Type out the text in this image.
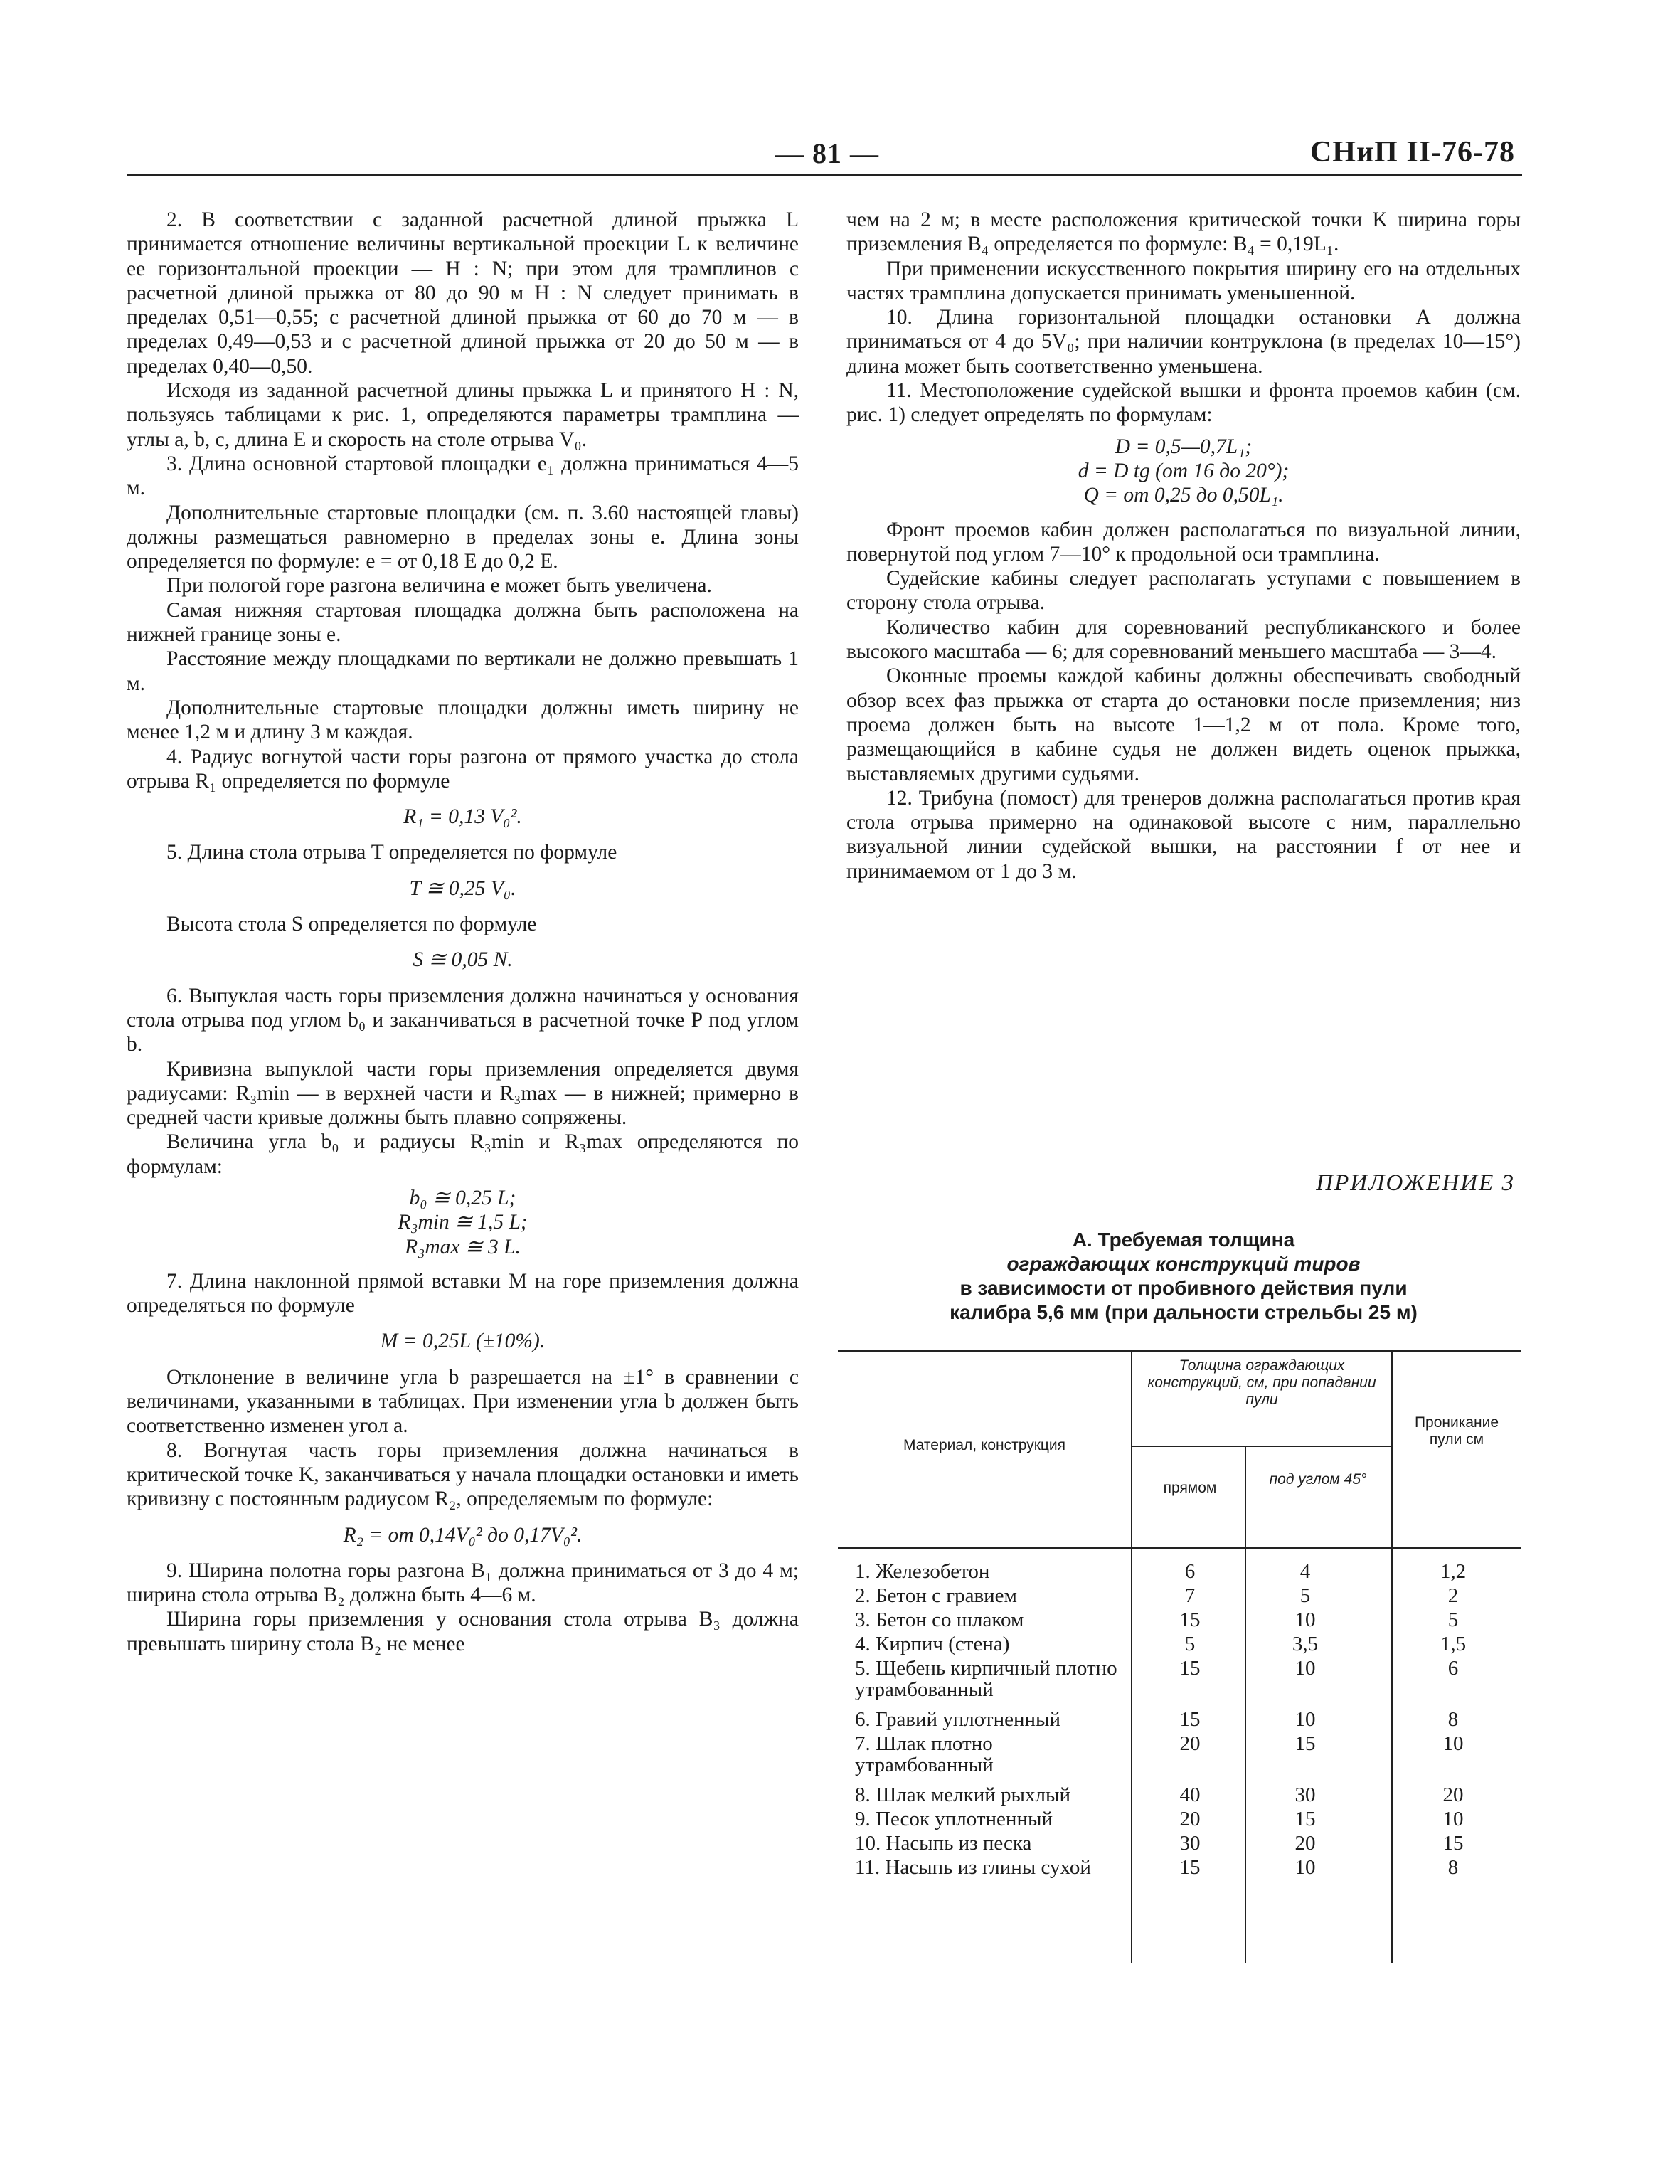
— 81 —	СНиП II-76-78

2. В соответствии с заданной расчетной длиной прыжка L принимается отношение величины вертикальной проекции L к величине ее горизонтальной проекции — H : N; при этом для трамплинов с расчетной длиной прыжка от 80 до 90 м H : N следует принимать в пределах 0,51—0,55; с расчетной длиной прыжка от 60 до 70 м — в пределах 0,49—0,53 и с расчетной длиной прыжка от 20 до 50 м — в пределах 0,40—0,50.

Исходя из заданной расчетной длины прыжка L и принятого H : N, пользуясь таблицами к рис. 1, определяются параметры трамплина — углы a, b, c, длина E и скорость на столе отрыва V₀.

3. Длина основной стартовой площадки e₁ должна приниматься 4—5 м.

Дополнительные стартовые площадки (см. п. 3.60 настоящей главы) должны размещаться равномерно в пределах зоны e. Длина зоны определяется по формуле: e = от 0,18 E до 0,2 E.

При пологой горе разгона величина e может быть увеличена.

Самая нижняя стартовая площадка должна быть расположена на нижней границе зоны e.

Расстояние между площадками по вертикали не должно превышать 1 м.

Дополнительные стартовые площадки должны иметь ширину не менее 1,2 м и длину 3 м каждая.

4. Радиус вогнутой части горы разгона от прямого участка до стола отрыва R₁ определяется по формуле

R₁ = 0,13 V₀².

5. Длина стола отрыва T определяется по формуле

T ≅ 0,25 V₀.

Высота стола S определяется по формуле

S ≅ 0,05 N.

6. Выпуклая часть горы приземления должна начинаться у основания стола отрыва под углом b₀ и заканчиваться в расчетной точке P под углом b.

Кривизна выпуклой части горы приземления определяется двумя радиусами: R₃min — в верхней части и R₃max — в нижней; примерно в средней части кривые должны быть плавно сопряжены.

Величина угла b₀ и радиусы R₃min и R₃max определяются по формулам:

b₀ ≅ 0,25 L;
R₃min ≅ 1,5 L;
R₃max ≅ 3 L.

7. Длина наклонной прямой вставки M на горе приземления должна определяться по формуле

M = 0,25L (±10%).

Отклонение в величине угла b разрешается на ±1° в сравнении с величинами, указанными в таблицах. При изменении угла b должен быть соответственно изменен угол a.

8. Вогнутая часть горы приземления должна начинаться в критической точке K, заканчиваться у начала площадки остановки и иметь кривизну с постоянным радиусом R₂, определяемым по формуле:

R₂ = от 0,14V₀² до 0,17V₀².

9. Ширина полотна горы разгона B₁ должна приниматься от 3 до 4 м; ширина стола отрыва B₂ должна быть 4—6 м.

Ширина горы приземления у основания стола отрыва B₃ должна превышать ширину стола B₂ не менее

чем на 2 м; в месте расположения критической точки K ширина горы приземления B₄ определяется по формуле: B₄ = 0,19L₁.

При применении искусственного покрытия ширину его на отдельных частях трамплина допускается принимать уменьшенной.

10. Длина горизонтальной площадки остановки A должна приниматься от 4 до 5V₀; при наличии контруклона (в пределах 10—15°) длина может быть соответственно уменьшена.

11. Местоположение судейской вышки и фронта проемов кабин (см. рис. 1) следует определять по формулам:

D = 0,5—0,7L₁;
d = D tg (от 16 до 20°);
Q = от 0,25 до 0,50L₁.

Фронт проемов кабин должен располагаться по визуальной линии, повернутой под углом 7—10° к продольной оси трамплина.

Судейские кабины следует располагать уступами с повышением в сторону стола отрыва.

Количество кабин для соревнований республиканского и более высокого масштаба — 6; для соревнований меньшего масштаба — 3—4.

Оконные проемы каждой кабины должны обеспечивать свободный обзор всех фаз прыжка от старта до остановки после приземления; низ проема должен быть на высоте 1—1,2 м от пола. Кроме того, размещающийся в кабине судья не должен видеть оценок прыжка, выставляемых другими судьями.

12. Трибуна (помост) для тренеров должна располагаться против края стола отрыва примерно на одинаковой высоте с ним, параллельно визуальной линии судейской вышки, на расстоянии f от нее и принимаемом от 1 до 3 м.

ПРИЛОЖЕНИЕ 3
А. Требуемая толщина
ограждающих конструкций тиров
в зависимости от пробивного действия пули
калибра 5,6 мм (при дальности стрельбы 25 м)
Материал, конструкция
Толщина ограждающих конструкций, см, при попадании пули
прямом
под углом 45°
Проникание пули см
1. Железобетон	6	4	1,2
2. Бетон с гравием	7	5	2
3. Бетон со шлаком	15	10	5
4. Кирпич (стена)	5	3,5	1,5
5. Щебень кирпичный плотно утрамбованный
15	10	6
6. Гравий уплотненный	15	10	8
7. Шлак плотно утрамбованный
20	15	10
8. Шлак мелкий рыхлый	40	30	20
9. Песок уплотненный	20	15	10
10. Насыпь из песка	30	20	15
11. Насыпь из глины сухой	15	10	8
